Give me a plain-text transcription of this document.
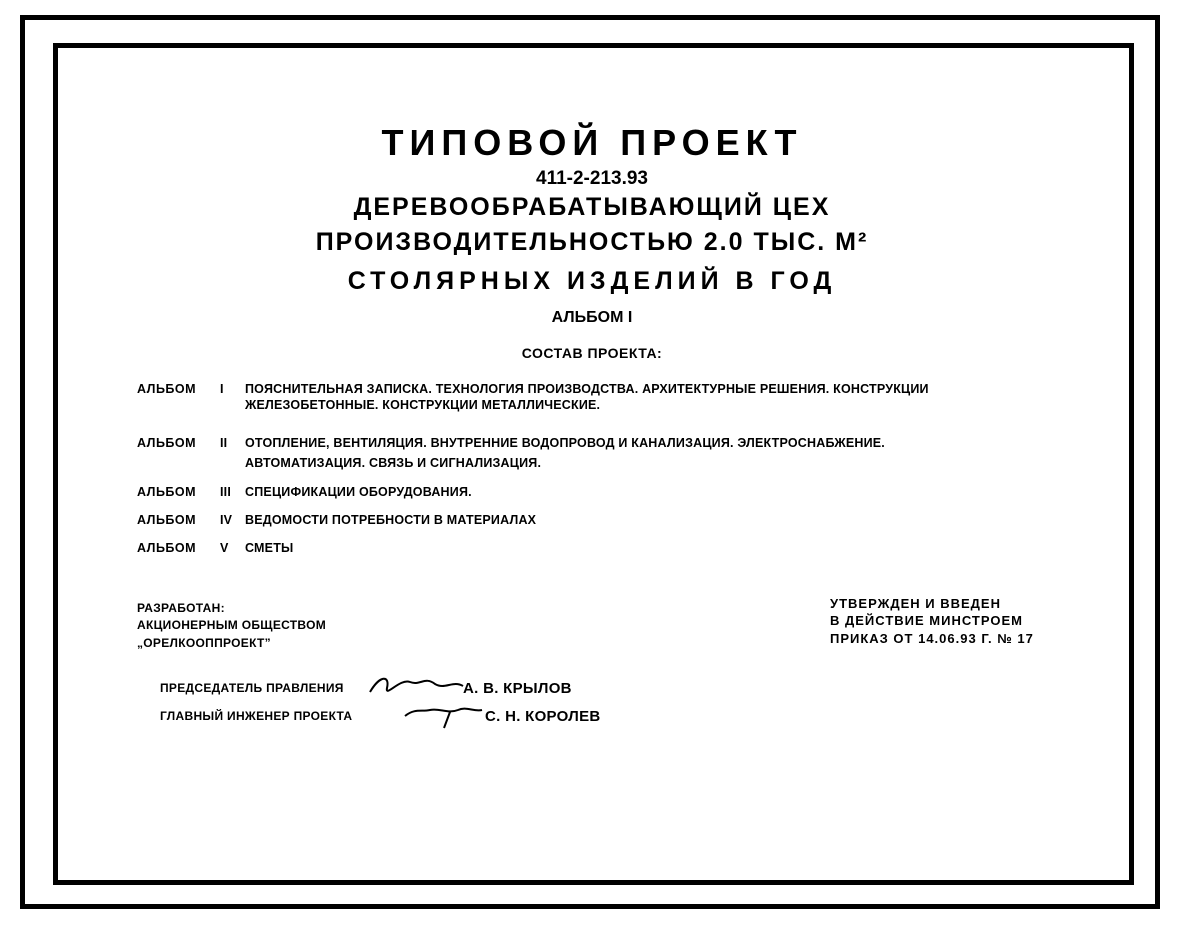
ТИПОВОЙ ПРОЕКТ
411-2-213.93
ДЕРЕВООБРАБАТЫВАЮЩИЙ ЦЕХ
ПРОИЗВОДИТЕЛЬНОСТЬЮ 2.0 ТЫС. М²
СТОЛЯРНЫХ ИЗДЕЛИЙ В ГОД
АЛЬБОМ I
СОСТАВ ПРОЕКТА:
АЛЬБОМ I ПОЯСНИТЕЛЬНАЯ ЗАПИСКА. ТЕХНОЛОГИЯ ПРОИЗВОДСТВА. АРХИТЕКТУРНЫЕ РЕШЕНИЯ. КОНСТРУКЦИИ
ЖЕЛЕЗОБЕТОННЫЕ. КОНСТРУКЦИИ МЕТАЛЛИЧЕСКИЕ.
АЛЬБОМ II ОТОПЛЕНИЕ, ВЕНТИЛЯЦИЯ. ВНУТРЕННИЕ ВОДОПРОВОД И КАНАЛИЗАЦИЯ. ЭЛЕКТРОСНАБЖЕНИЕ.
АВТОМАТИЗАЦИЯ. СВЯЗЬ И СИГНАЛИЗАЦИЯ.
АЛЬБОМ III СПЕЦИФИКАЦИИ ОБОРУДОВАНИЯ.
АЛЬБОМ IV ВЕДОМОСТИ ПОТРЕБНОСТИ В МАТЕРИАЛАХ
АЛЬБОМ V СМЕТЫ
РАЗРАБОТАН:
АКЦИОНЕРНЫМ ОБЩЕСТВОМ
„ОРЕЛКООППРОЕКТ”
УТВЕРЖДЕН И ВВЕДЕН
В ДЕЙСТВИЕ МИНСТРОЕМ
ПРИКАЗ ОТ 14.06.93 Г. № 17
ПРЕДСЕДАТЕЛЬ ПРАВЛЕНИЯ	А. В. КРЫЛОВ
ГЛАВНЫЙ ИНЖЕНЕР ПРОЕКТА	С. Н. КОРОЛЕВ
